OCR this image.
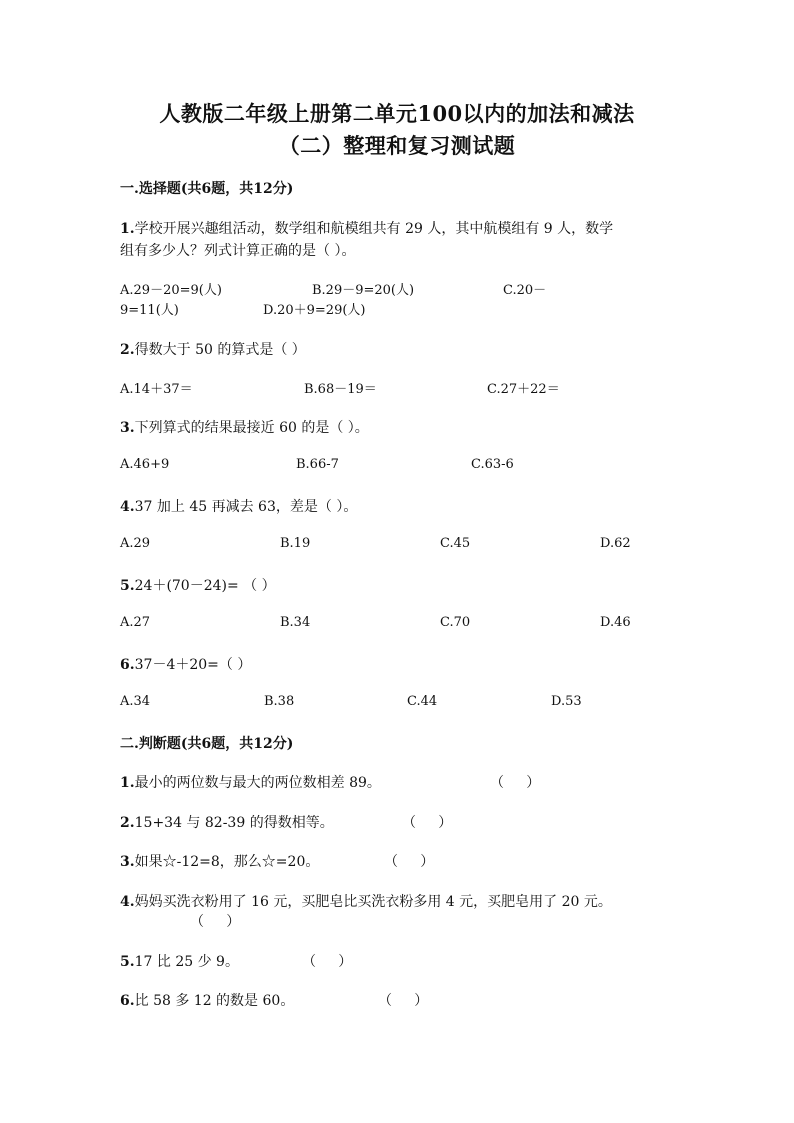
人教版二年级上册第二单元100以内的加法和减法
（二）整理和复习测试题
一.选择题(共6题，共12分)
1.学校开展兴趣组活动，数学组和航模组共有 29 人，其中航模组有 9 人，数学
组有多少人？列式计算正确的是（ ）。
A.29－20=9(人)	B.29－9=20(人)	C.20－
9=11(人)	D.20＋9=29(人)
2.得数大于 50 的算式是（ ）
A.14＋37＝	B.68－19＝	C.27＋22＝
3.下列算式的结果最接近 60 的是（ ）。
A.46+9	B.66-7	C.63-6
4.37 加上 45 再减去 63，差是（ ）。
A.29	B.19	C.45	D.62
5.24＋(70－24)= （ ）
A.27	B.34	C.70	D.46
6.37－4＋20=（ ）
A.34	B.38	C.44	D.53
二.判断题(共6题，共12分)
1.最小的两位数与最大的两位数相差 89。	（     ）
2.15+34 与 82-39 的得数相等。	（     ）
3.如果☆-12=8，那么☆=20。	（     ）
4.妈妈买洗衣粉用了 16 元，买肥皂比买洗衣粉多用 4 元，买肥皂用了 20 元。
（     ）
5.17 比 25 少 9。	（     ）
6.比 58 多 12 的数是 60。	（     ）
